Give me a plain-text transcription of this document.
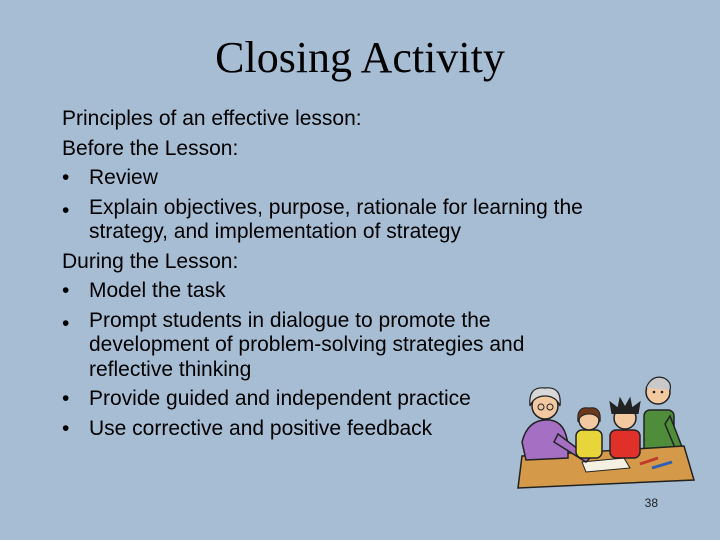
Closing Activity
Principles of an effective lesson:
Before the Lesson:
• Review
• Explain objectives, purpose, rationale for learning the
strategy, and implementation of strategy
During the Lesson:
• Model the task
• Prompt students in dialogue to promote the
development of problem-solving strategies and
reflective thinking
• Provide guided and independent practice
• Use corrective and positive feedback
38
